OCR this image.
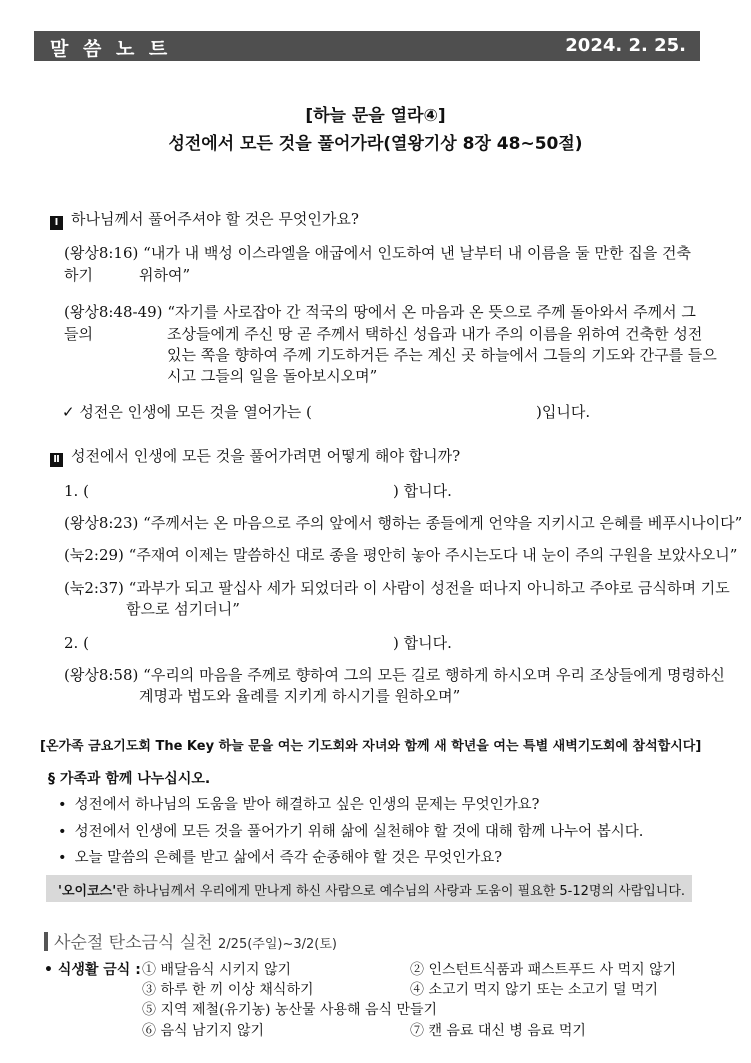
말 씀 노 트	2024. 2. 25.
[하늘 문을 열라④]
성전에서 모든 것을 풀어가라(열왕기상 8장 48~50절)
Ⅰ 하나님께서 풀어주셔야 할 것은 무엇인가요?
(왕상8:16) “내가 내 백성 이스라엘을 애굽에서 인도하여 낸 날부터 내 이름을 둘 만한 집을 건축하기	위하여”
(왕상8:48-49) “자기를 사로잡아 간 적국의 땅에서 온 마음과 온 뜻으로 주께 돌아와서 주께서 그들의	조상들에게 주신 땅 곧 주께서 택하신 성읍과 내가 주의 이름을 위하여 건축한 성전
있는 쪽을 향하여 주께 기도하거든 주는 계신 곳 하늘에서 그들의 기도와 간구를 들으
시고 그들의 일을 돌아보시오며”
✓ 성전은 인생에 모든 것을 열어가는 (	)입니다.
Ⅱ 성전에서 인생에 모든 것을 풀어가려면 어떻게 해야 합니까?
1. (	) 합니다.
(왕상8:23) “주께서는 온 마음으로 주의 앞에서 행하는 종들에게 언약을 지키시고 은혜를 베푸시나이다”
(눅2:29) “주재여 이제는 말씀하신 대로 종을 평안히 놓아 주시는도다 내 눈이 주의 구원을 보았사오니”
(눅2:37) “과부가 되고 팔십사 세가 되었더라 이 사람이 성전을 떠나지 아니하고 주야로 금식하며 기도
함으로 섬기더니”
2. (	) 합니다.
(왕상8:58) “우리의 마음을 주께로 향하여 그의 모든 길로 행하게 하시오며 우리 조상들에게 명령하신
계명과 법도와 율례를 지키게 하시기를 원하오며”
[온가족 금요기도회 The Key 하늘 문을 여는 기도회와 자녀와 함께 새 학년을 여는 특별 새벽기도회에 참석합시다]
§ 가족과 함께 나누십시오.
• 성전에서 하나님의 도움을 받아 해결하고 싶은 인생의 문제는 무엇인가요?
• 성전에서 인생에 모든 것을 풀어가기 위해 삶에 실천해야 할 것에 대해 함께 나누어 봅시다.
• 오늘 말씀의 은혜를 받고 삶에서 즉각 순종해야 할 것은 무엇인가요?
'오이코스'란 하나님께서 우리에게 만나게 하신 사람으로 예수님의 사랑과 도움이 필요한 5-12명의 사람입니다.
사순절 탄소금식 실천 2/25(주일)~3/2(토)
• 식생활 금식 : ① 배달음식 시키지 않기	② 인스턴트식품과 패스트푸드 사 먹지 않기
③ 하루 한 끼 이상 채식하기	④ 소고기 먹지 않기 또는 소고기 덜 먹기
⑤ 지역 제철(유기농) 농산물 사용해 음식 만들기
⑥ 음식 남기지 않기	⑦ 캔 음료 대신 병 음료 먹기
